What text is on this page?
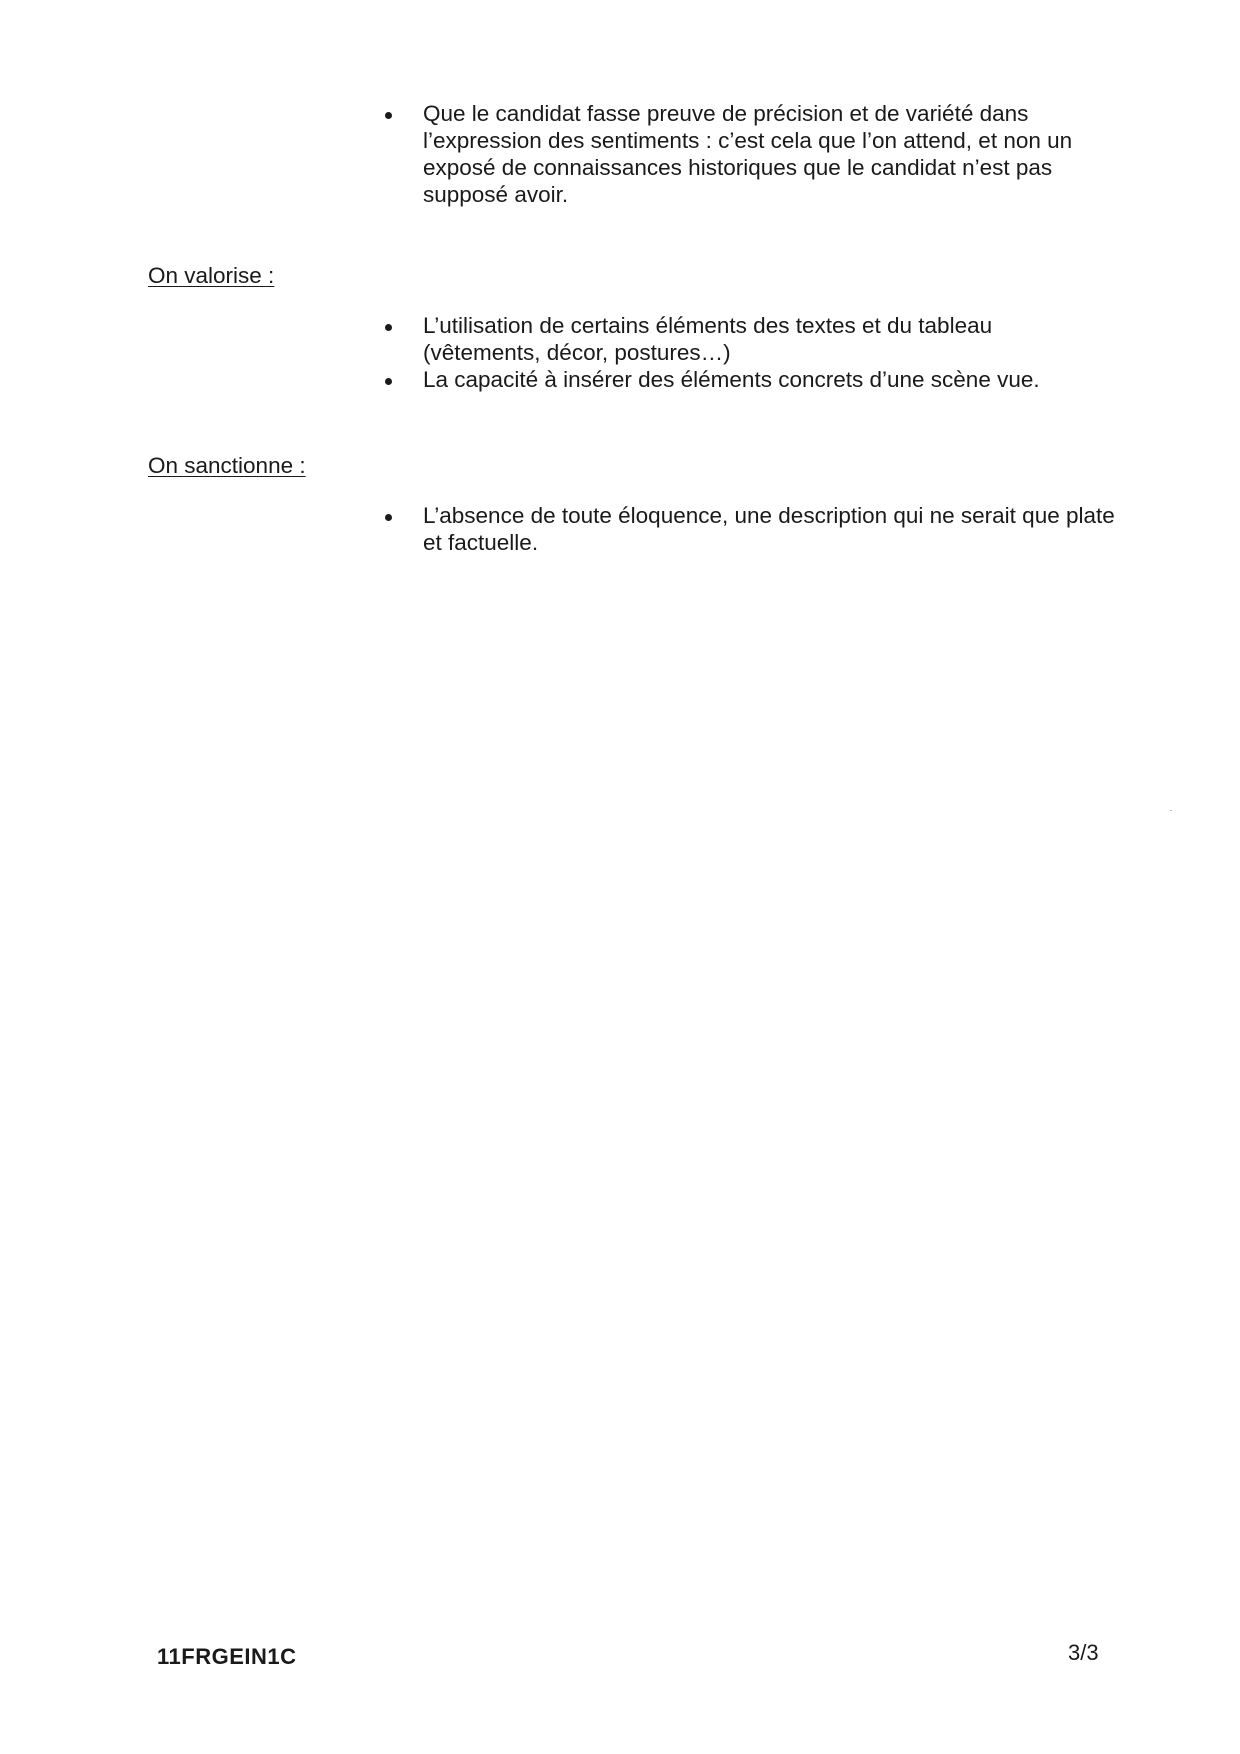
Que le candidat fasse preuve de précision et de variété dans l’expression des sentiments : c’est cela que l’on attend, et non un exposé de connaissances historiques que le candidat n’est pas supposé avoir.
On valorise :
L’utilisation de certains éléments des textes et du tableau (vêtements, décor, postures…)
La capacité à insérer des éléments concrets d’une scène vue.
On sanctionne :
L’absence de toute éloquence, une description qui ne serait que plate et factuelle.
11FRGEIN1C	3/3
